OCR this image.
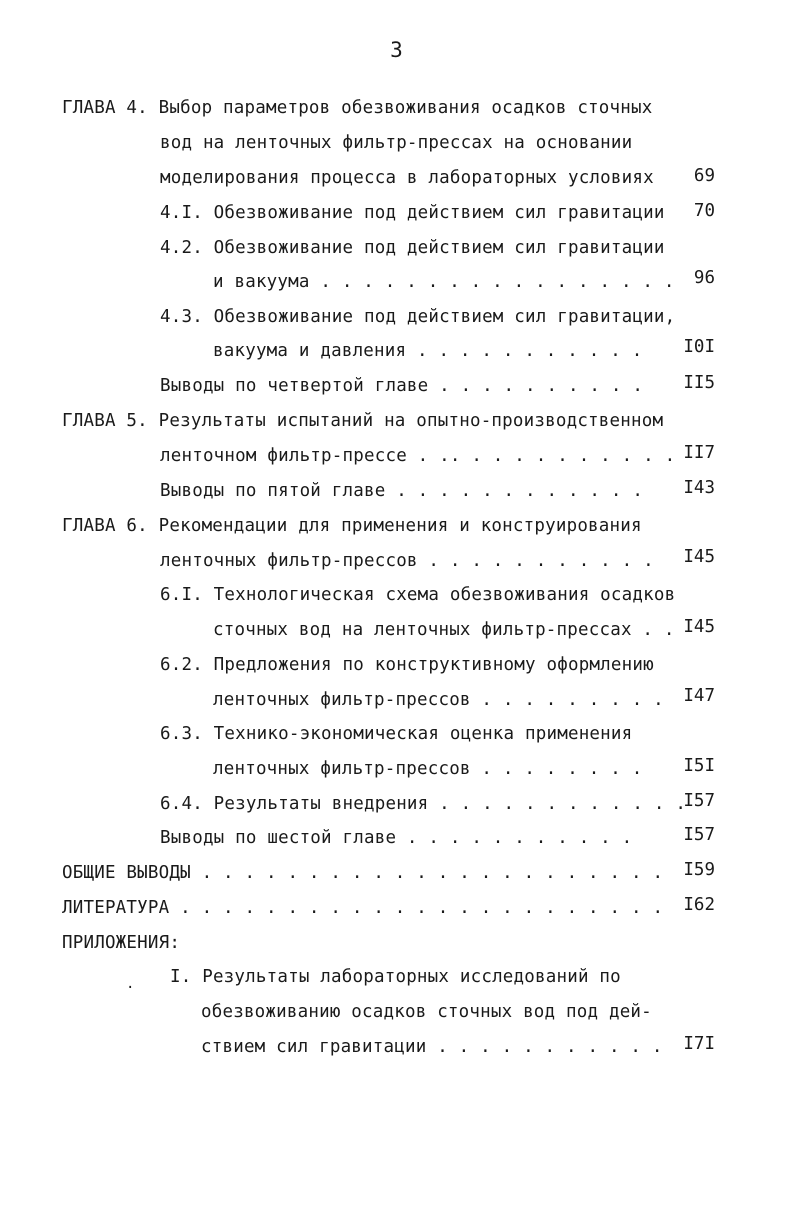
3
ГЛАВА 4. Выбор параметров обезвоживания осадков сточных
вод на ленточных фильтр-прессах на основании
моделирования процесса в лабораторных условиях 69
4.I. Обезвоживание под действием сил гравитации 70
4.2. Обезвоживание под действием сил гравитации
и вакуума . . . . . . . . . . . . . . . . . 96
4.3. Обезвоживание под действием сил гравитации,
вакуума и давления . . . . . . . . . . . I0I
Выводы по четвертой главе . . . . . . . . . . II5
ГЛАВА 5. Результаты испытаний на опытно-производственном
ленточном фильтр-прессе . .. . . . . . . . . . . II7
Выводы по пятой главе . . . . . . . . . . . . I43
ГЛАВА 6. Рекомендации для применения и конструирования
ленточных фильтр-прессов . . . . . . . . . . . I45
6.I. Технологическая схема обезвоживания осадков
сточных вод на ленточных фильтр-прессах . . I45
6.2. Предложения по конструктивному оформлению
ленточных фильтр-прессов . . . . . . . . . I47
6.3. Технико-экономическая оценка применения
ленточных фильтр-прессов . . . . . . . . I5I
6.4. Результаты внедрения . . . . . . . . . . . .
I57
Выводы по шестой главе . . . . . . . . . . .	I57
ОБЩИЕ ВЫВОДЫ . . . . . . . . . . . . . . . . . . . . . . I59
ЛИТЕРАТУРА . . . . . . . . . . . . . . . . . . . . . . . I62
ПРИЛОЖЕНИЯ:
. I. Результаты лабораторных исследований по
обезвоживанию осадков сточных вод под дей-
ствием сил гравитации . . . . . . . . . . . I7I
